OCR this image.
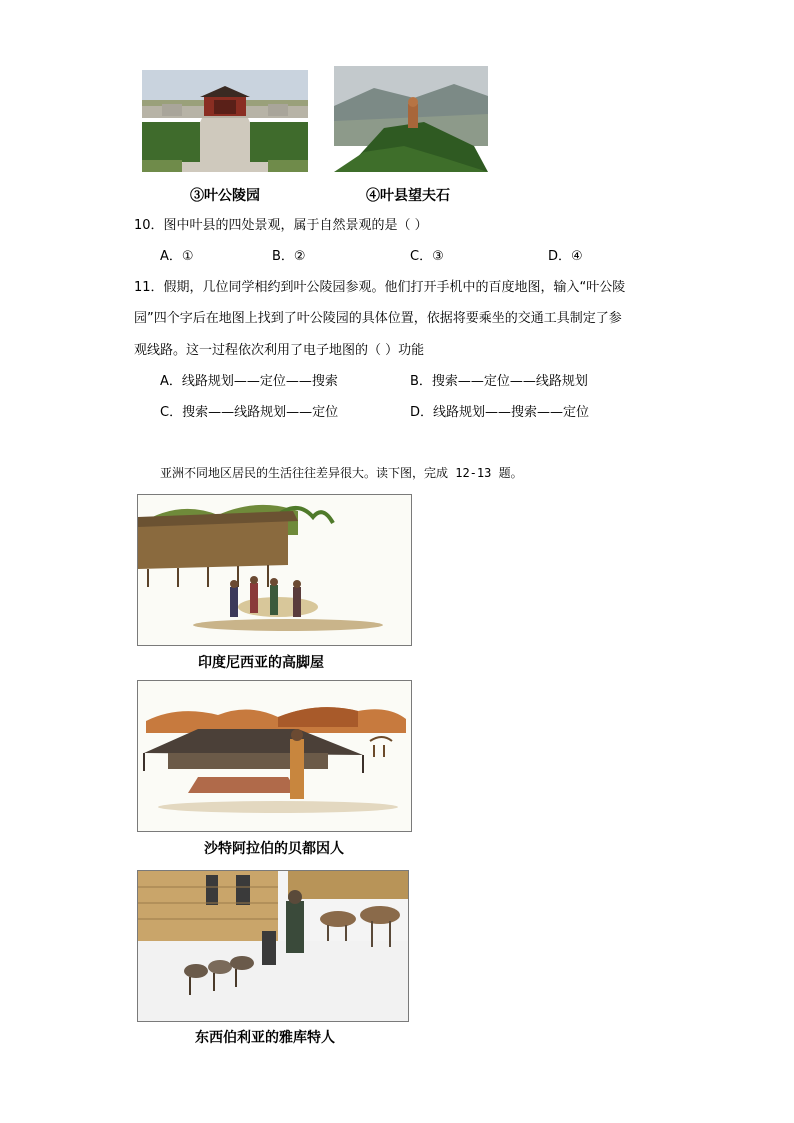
③叶公陵园	④叶县望夫石
10．图中叶县的四处景观，属于自然景观的是（ ）
A．①	B．②	C．③	D．④
11．假期，几位同学相约到叶公陵园参观。他们打开手机中的百度地图，输入“叶公陵
园”四个字后在地图上找到了叶公陵园的具体位置，依据将要乘坐的交通工具制定了参
观线路。这一过程依次利用了电子地图的（ ）功能
A．线路规划——定位——搜索	B．搜索——定位——线路规划
C．搜索——线路规划——定位	D．线路规划——搜索——定位
亚洲不同地区居民的生活往往差异很大。读下图，完成 12-13 题。
印度尼西亚的高脚屋
沙特阿拉伯的贝都因人
东西伯利亚的雅库特人
